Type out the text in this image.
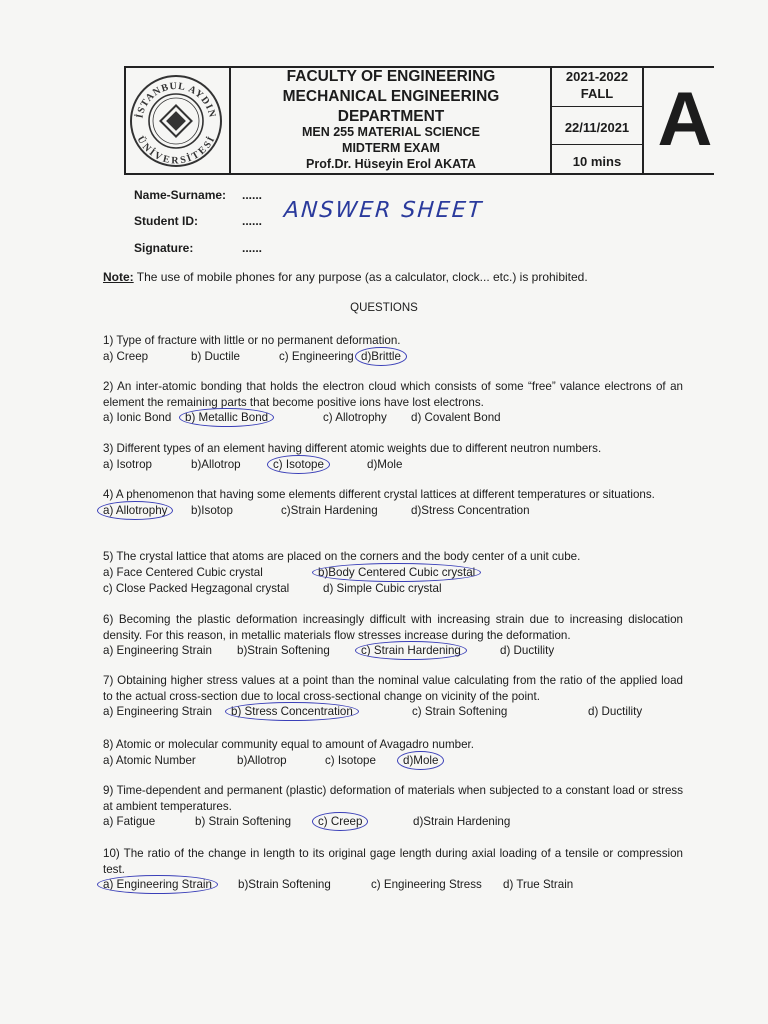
İSTANBUL AYDIN
ÜNİVERSİTESİ
FACULTY OF ENGINEERING
MECHANICAL ENGINEERING DEPARTMENT
MEN 255 MATERIAL SCIENCE
MIDTERM EXAM
Prof.Dr. Hüseyin Erol AKATA
2021-2022
FALL
22/11/2021
10 mins A
Name-Surname: ......
Student ID:	......
Signature:	......
ANSWER SHEET
Note: The use of mobile phones for any purpose (as a calculator, clock... etc.) is prohibited.
QUESTIONS
1) Type of fracture with little or no permanent deformation.
a) Creep	b) Ductile	c) Engineering d)Brittle
2) An inter-atomic bonding that holds the electron cloud which consists of some “free” valance electrons of an element the remaining parts that become positive ions have lost electrons.
a) Ionic Bond b) Metallic Bond	c) Allotrophy d) Covalent Bond
3) Different types of an element having different atomic weights due to different neutron numbers.
a) Isotrop	b)Allotrop	c) Isotope	d)Mole
4) A phenomenon that having some elements different crystal lattices at different temperatures or situations.
a) Allotrophy b)Isotop	c)Strain Hardening	d)Stress Concentration
5) The crystal lattice that atoms are placed on the corners and the body center of a unit cube.
a) Face Centered Cubic crystal	b)Body Centered Cubic crystal
c) Close Packed Hegzagonal crystal	d) Simple Cubic crystal
6) Becoming the plastic deformation increasingly difficult with increasing strain due to increasing dislocation density. For this reason, in metallic materials flow stresses increase during the deformation.
a) Engineering Strain b)Strain Softening	c) Strain Hardening	d) Ductility
7) Obtaining higher stress values at a point than the nominal value calculating from the ratio of the applied load to the actual cross-section due to local cross-sectional change on vicinity of the point.
a) Engineering Strain b) Stress Concentration	c) Strain Softening	d) Ductility
8) Atomic or molecular community equal to amount of Avagadro number.
a) Atomic Number	b)Allotrop	c) Isotope d)Mole
9) Time-dependent and permanent (plastic) deformation of materials when subjected to a constant load or stress at ambient temperatures.
a) Fatigue	b) Strain Softening c) Creep	d)Strain Hardening
10) The ratio of the change in length to its original gage length during axial loading of a tensile or compression test.
a) Engineering Strain b)Strain Softening	c) Engineering Stress d) True Strain
